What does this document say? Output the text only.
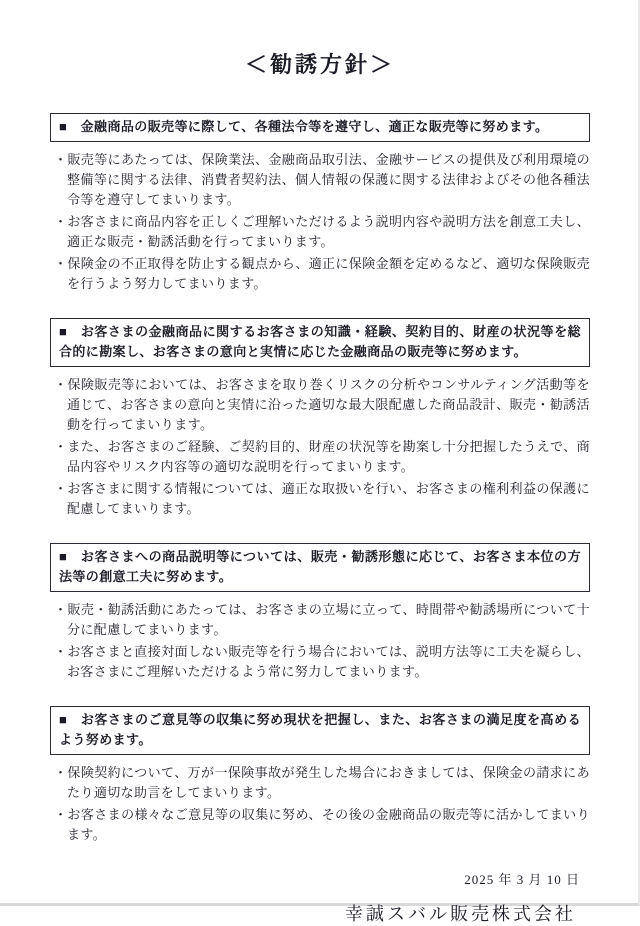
＜勧誘方針＞
■　金融商品の販売等に際して、各種法令等を遵守し、適正な販売等に努めます。
・販売等にあたっては、保険業法、金融商品取引法、金融サービスの提供及び利用環境の整備等に関する法律、消費者契約法、個人情報の保護に関する法律およびその他各種法令等を遵守してまいります。
・お客さまに商品内容を正しくご理解いただけるよう説明内容や説明方法を創意工夫し、適正な販売・勧誘活動を行ってまいります。
・保険金の不正取得を防止する観点から、適正に保険金額を定めるなど、適切な保険販売を行うよう努力してまいります。
■　お客さまの金融商品に関するお客さまの知識・経験、契約目的、財産の状況等を総合的に勘案し、お客さまの意向と実情に応じた金融商品の販売等に努めます。
・保険販売等においては、お客さまを取り巻くリスクの分析やコンサルティング活動等を通じて、お客さまの意向と実情に沿った適切な最大限配慮した商品設計、販売・勧誘活動を行ってまいります。
・また、お客さまのご経験、ご契約目的、財産の状況等を勘案し十分把握したうえで、商品内容やリスク内容等の適切な説明を行ってまいります。
・お客さまに関する情報については、適正な取扱いを行い、お客さまの権利利益の保護に配慮してまいります。
■　お客さまへの商品説明等については、販売・勧誘形態に応じて、お客さま本位の方法等の創意工夫に努めます。
・販売・勧誘活動にあたっては、お客さまの立場に立って、時間帯や勧誘場所について十分に配慮してまいります。
・お客さまと直接対面しない販売等を行う場合においては、説明方法等に工夫を凝らし、お客さまにご理解いただけるよう常に努力してまいります。
■　お客さまのご意見等の収集に努め現状を把握し、また、お客さまの満足度を高めるよう努めます。
・保険契約について、万が一保険事故が発生した場合におきましては、保険金の請求にあたり適切な助言をしてまいります。
・お客さまの様々なご意見等の収集に努め、その後の金融商品の販売等に活かしてまいります。
2025 年 3 月 10 日
幸誠スバル販売株式会社
